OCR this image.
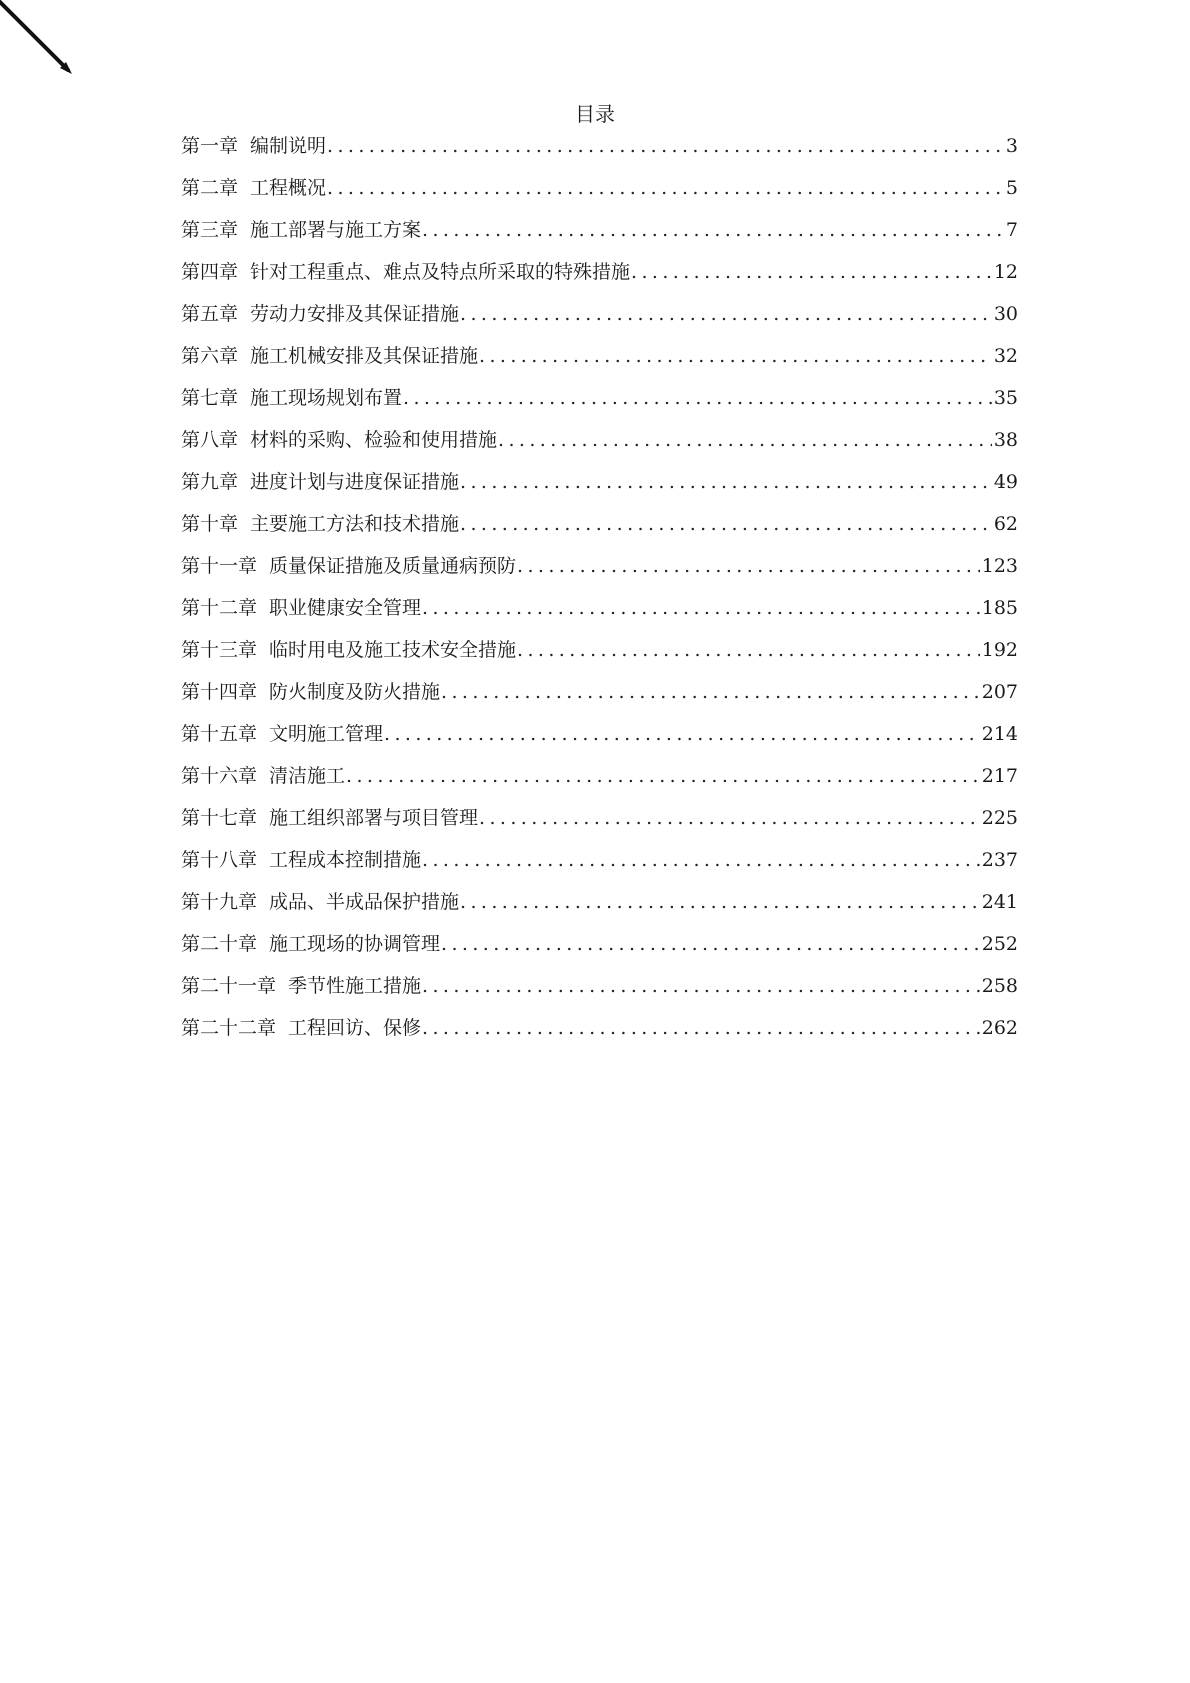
目录
第一章 编制说明 .....	3
第二章 工程概况 .....	5
第三章 施工部署与施工方案 .....	7
第四章 针对工程重点、难点及特点所采取的特殊措施 .....	12
第五章 劳动力安排及其保证措施 .....	30
第六章 施工机械安排及其保证措施 .....	32
第七章 施工现场规划布置 .....	35
第八章 材料的采购、检验和使用措施 .....	38
第九章 进度计划与进度保证措施 .....	49
第十章 主要施工方法和技术措施 .....	62
第十一章 质量保证措施及质量通病预防 .....	123
第十二章 职业健康安全管理 .....	185
第十三章 临时用电及施工技术安全措施 .....	192
第十四章 防火制度及防火措施 .....	207
第十五章 文明施工管理 .....	214
第十六章 清洁施工 .....	217
第十七章 施工组织部署与项目管理 .....	225
第十八章 工程成本控制措施 .....	237
第十九章 成品、半成品保护措施 .....	241
第二十章 施工现场的协调管理 .....	252
第二十一章 季节性施工措施 .....	258
第二十二章 工程回访、保修 .....	262
